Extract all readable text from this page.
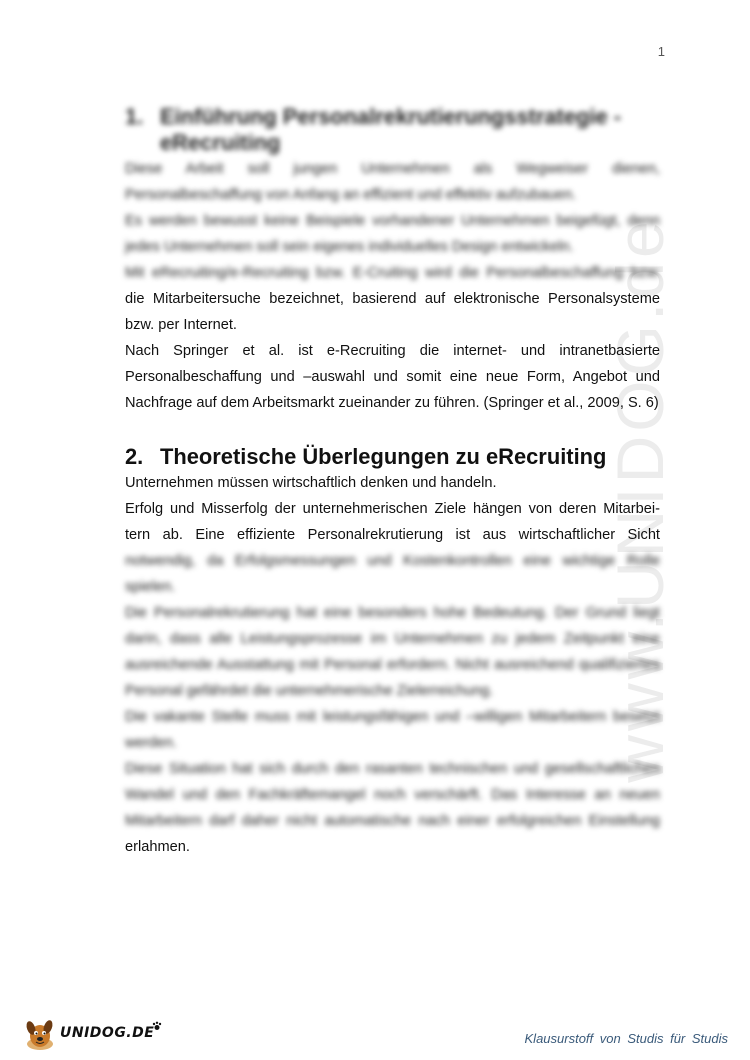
1
www.UNIDOG.de
1. Einführung Personalrekrutierungsstrategie - eRecruiting

Diese Arbeit soll jungen Unternehmen als Wegweiser dienen, Personalbeschaffung von Anfang an effizient und effektiv aufzubauen.

Es werden bewusst keine Beispiele vorhandener Unternehmen beigefügt, denn jedes Unternehmen soll sein eigenes individuelles Design entwickeln.

Mit eRecruiting/e-Recruiting bzw. E-Cruiting wird die Personalbeschaffung bzw.
die Mitarbeitersuche bezeichnet, basierend auf elektronische Personalsysteme bzw. per Internet.

Nach Springer et al. ist e-Recruiting die internet- und intranetbasierte Personalbeschaffung und –auswahl und somit eine neue Form, Angebot und Nachfrage auf dem Arbeitsmarkt zueinander zu führen. (Springer et al., 2009, S. 6)

2. Theoretische Überlegungen zu eRecruiting

Unternehmen müssen wirtschaftlich denken und handeln.

Erfolg und Misserfolg der unternehmerischen Ziele hängen von deren Mitarbei-
tern ab. Eine effiziente Personalrekrutierung ist aus wirtschaftlicher Sicht
notwendig, da Erfolgsmessungen und Kostenkontrollen eine wichtige Rolle spielen.

Die Personalrekrutierung hat eine besonders hohe Bedeutung. Der Grund liegt darin, dass alle Leistungsprozesse im Unternehmen zu jedem Zeitpunkt eine ausreichende Ausstattung mit Personal erfordern. Nicht ausreichend qualifiziertes Personal gefährdet die unternehmerische Zielerreichung.

Die vakante Stelle muss mit leistungsfähigen und –willigen Mitarbeitern besetzt werden.

Diese Situation hat sich durch den rasanten technischen und gesellschaftlichen Wandel und den Fachkräftemangel noch verschärft. Das Interesse an neuen Mitarbeitern darf daher nicht automatische nach einer erfolgreichen Einstellung
erlahmen.

UNIDOG.DE	Klausurstoff von Studis für Studis
